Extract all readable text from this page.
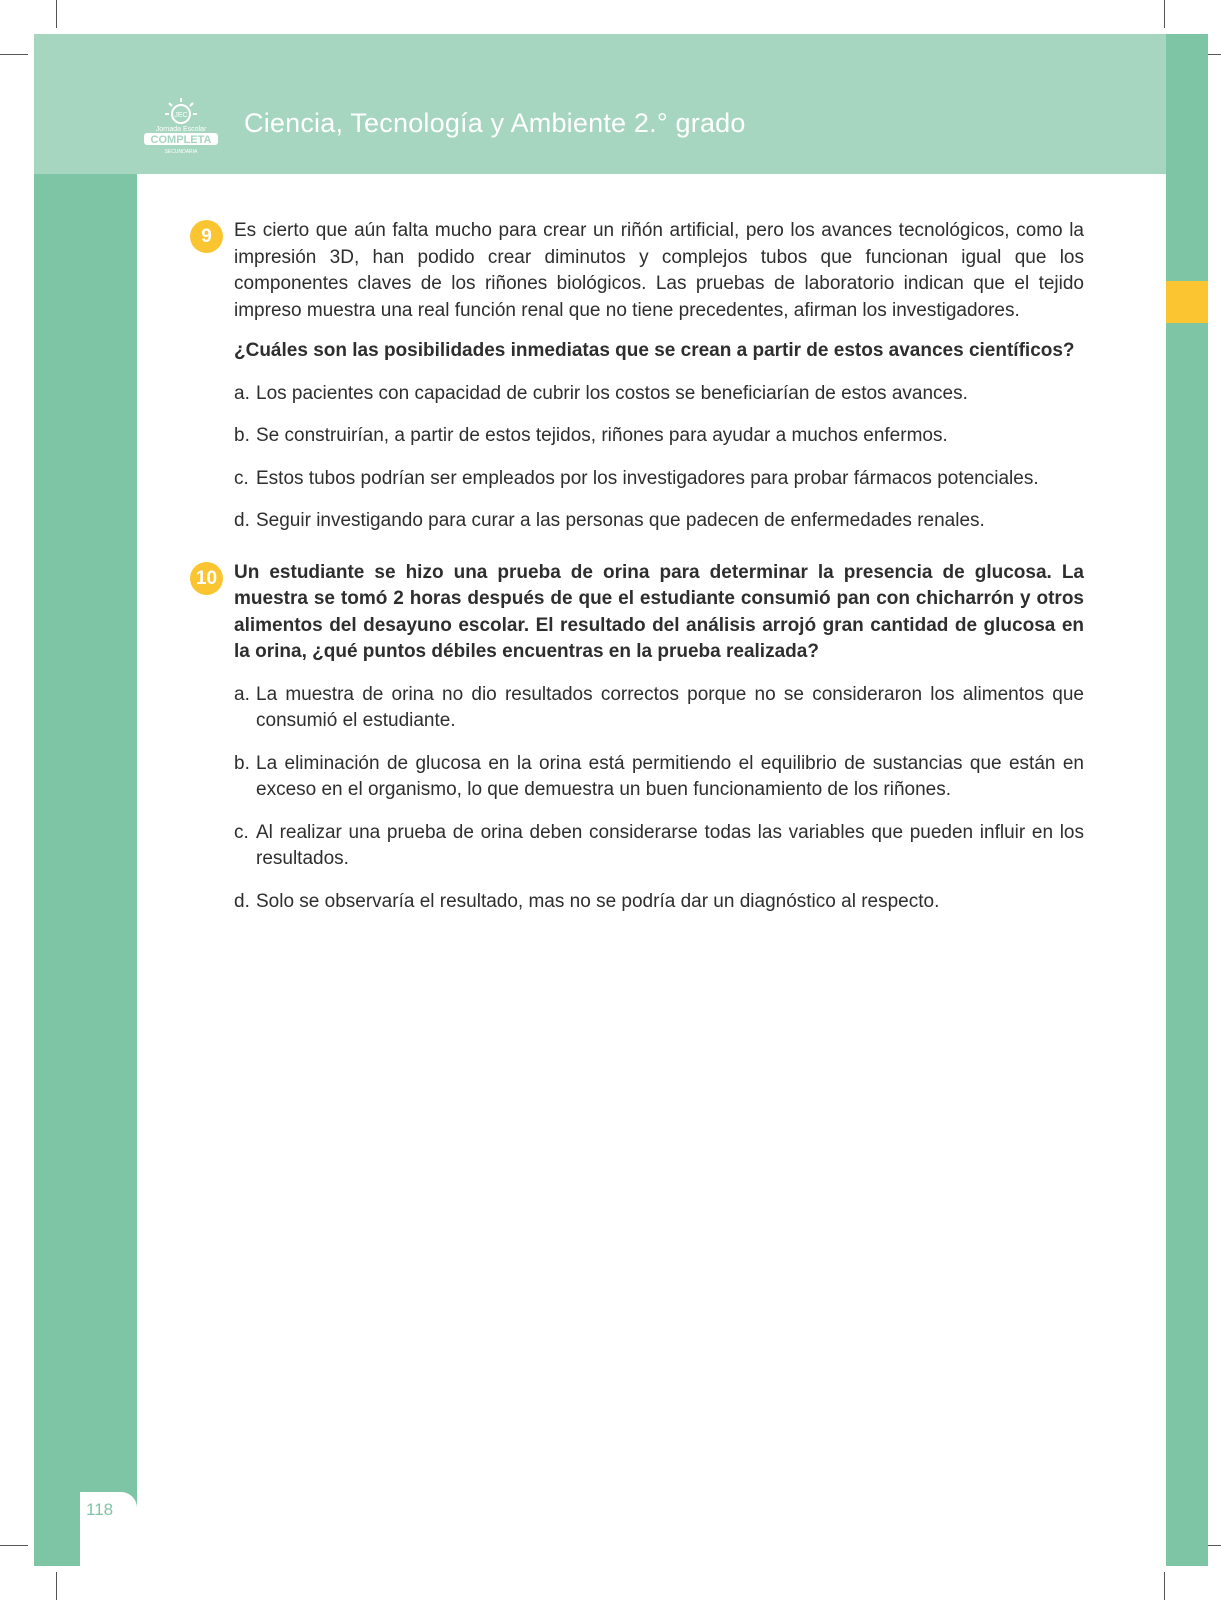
JEC
Jornada Escolar
COMPLETA
SECUNDARIA
Ciencia, Tecnología y Ambiente 2.° grado
9	Es cierto que aún falta mucho para crear un riñón artificial, pero los avances tecnológicos, como la impresión 3D, han podido crear diminutos y complejos tubos que funcionan igual que los componentes claves de los riñones biológicos. Las pruebas de laboratorio indican que el tejido impreso muestra una real función renal que no tiene precedentes, afirman los investigadores.

¿Cuáles son las posibilidades inmediatas que se crean a partir de estos avances científicos?

a. Los pacientes con capacidad de cubrir los costos se beneficiarían de estos avances.

b. Se construirían, a partir de estos tejidos, riñones para ayudar a muchos enfermos.

c. Estos tubos podrían ser empleados por los investigadores para probar fármacos potenciales.

d. Seguir investigando para curar a las personas que padecen de enfermedades renales.

10 Un estudiante se hizo una prueba de orina para determinar la presencia de glucosa. La muestra se tomó 2 horas después de que el estudiante consumió pan con chicharrón y otros alimentos del desayuno escolar. El resultado del análisis arrojó gran cantidad de glucosa en la orina, ¿qué puntos débiles encuentras en la prueba realizada?

a. La muestra de orina no dio resultados correctos porque no se consideraron los alimentos que consumió el estudiante.

b. La eliminación de glucosa en la orina está permitiendo el equilibrio de sustancias que están en exceso en el organismo, lo que demuestra un buen funcionamiento de los riñones.

c. Al realizar una prueba de orina deben considerarse todas las variables que pueden influir en los resultados.

d. Solo se observaría el resultado, mas no se podría dar un diagnóstico al respecto.

118
